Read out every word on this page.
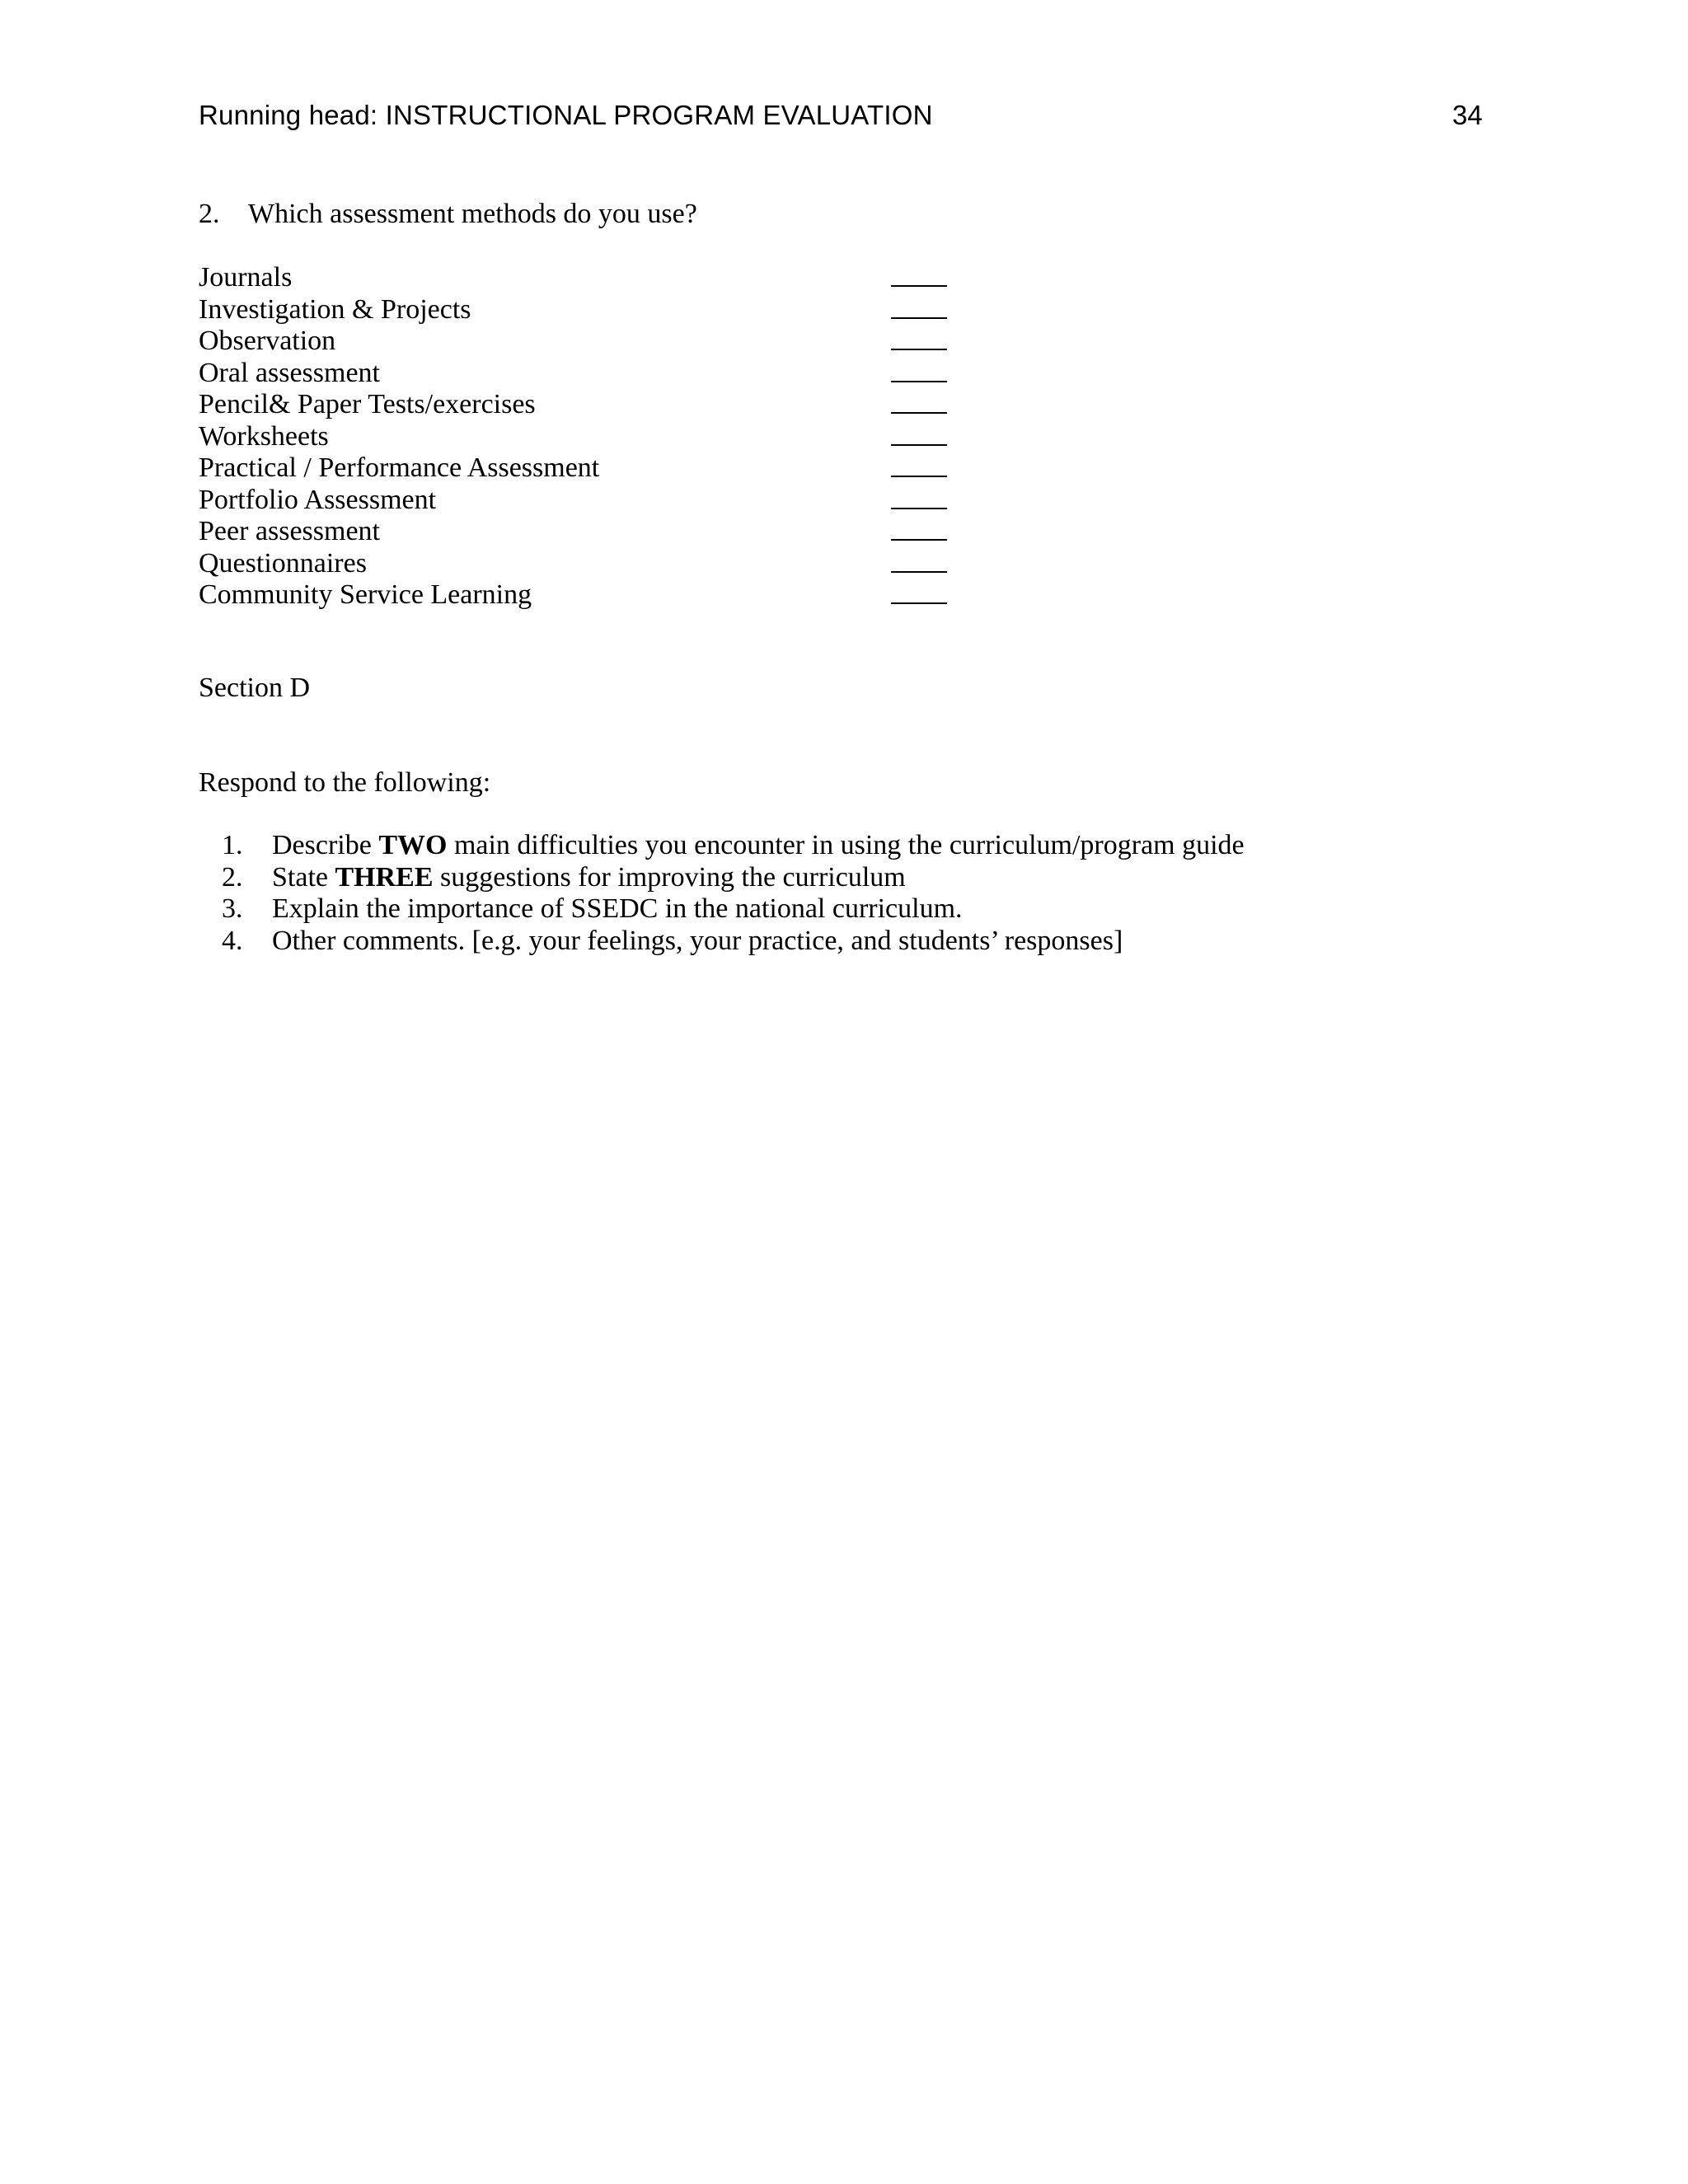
Running head: INSTRUCTIONAL PROGRAM EVALUATION	34
2. Which assessment methods do you use?
Journals
Investigation & Projects
Observation
Oral assessment
Pencil& Paper Tests/exercises
Worksheets
Practical / Performance Assessment
Portfolio Assessment
Peer assessment
Questionnaires
Community Service Learning
Section D
Respond to the following:
1. Describe TWO main difficulties you encounter in using the curriculum/program guide
2. State THREE suggestions for improving the curriculum
3. Explain the importance of SSEDC in the national curriculum.
4. Other comments. [e.g. your feelings, your practice, and students’ responses]
